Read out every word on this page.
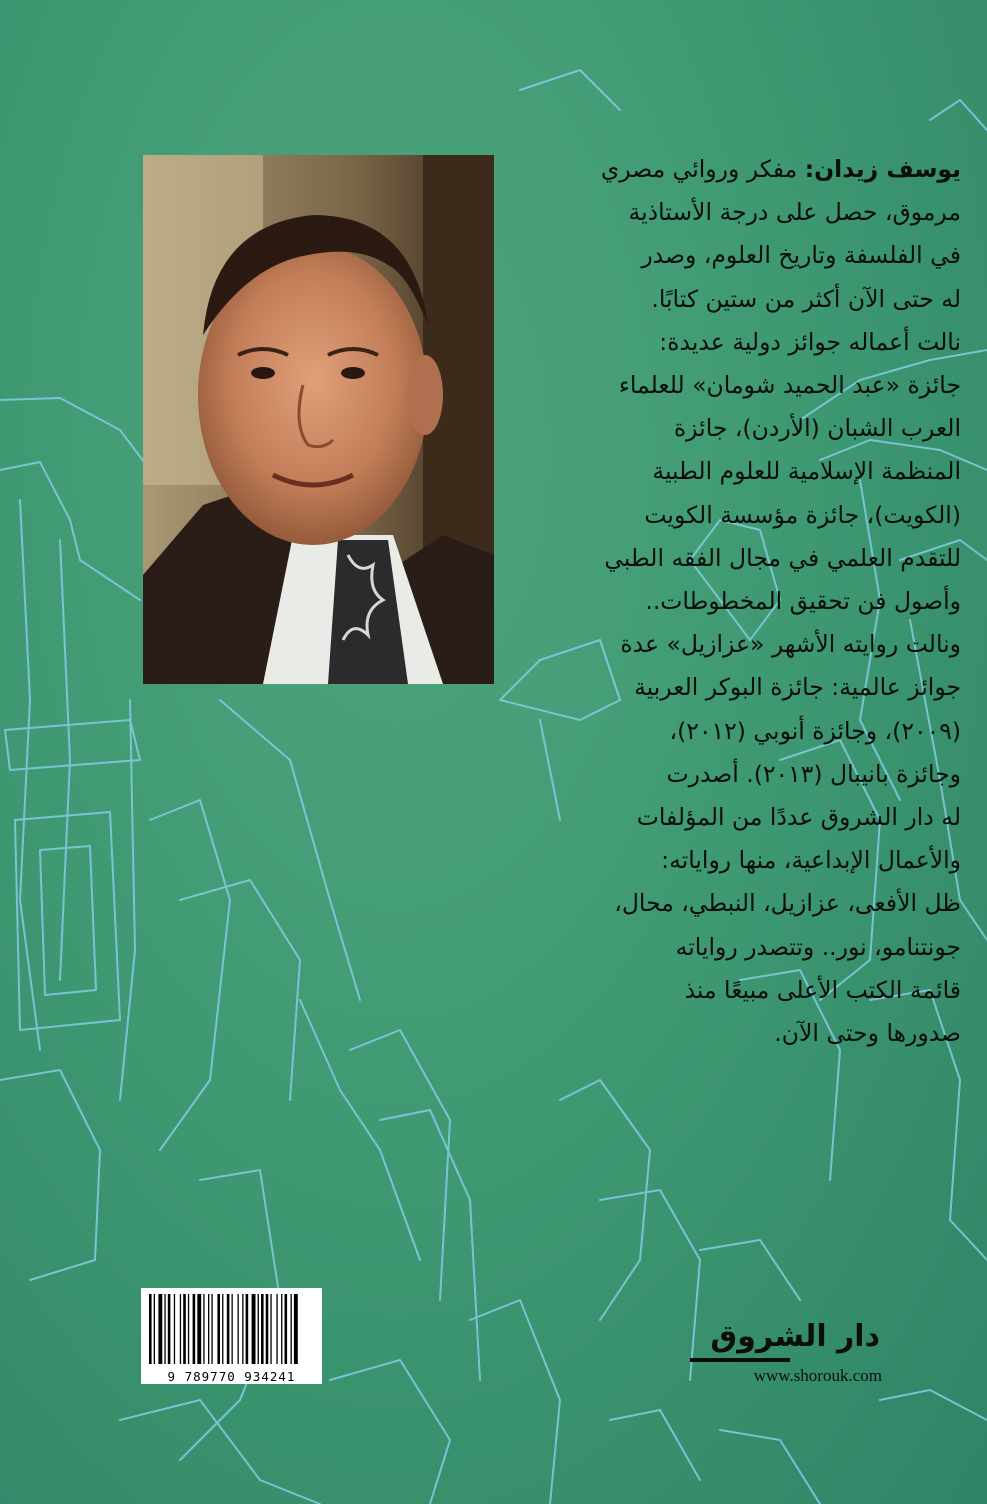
يوسف زيدان: مفكر وروائي مصري
مرموق، حصل على درجة الأستاذية
في الفلسفة وتاريخ العلوم، وصدر
له حتى الآن أكثر من ستين كتابًا.
نالت أعماله جوائز دولية عديدة:
جائزة «عبد الحميد شومان» للعلماء
العرب الشبان (الأردن)، جائزة
المنظمة الإسلامية للعلوم الطبية
(الكويت)، جائزة مؤسسة الكويت
للتقدم العلمي في مجال الفقه الطبي
وأصول فن تحقيق المخطوطات..
ونالت روايته الأشهر «عزازيل» عدة
جوائز عالمية: جائزة البوكر العربية
(٢٠٠٩)، وجائزة أنوبي (٢٠١٢)،
وجائزة بانيبال (٢٠١٣). أصدرت
له دار الشروق عددًا من المؤلفات
والأعمال الإبداعية، منها رواياته:
ظل الأفعى، عزازيل، النبطي، محال،
جونتنامو، نور.. وتتصدر رواياته
قائمة الكتب الأعلى مبيعًا منذ
صدورها وحتى الآن.
9 789770 934241
دار الشروق
www.shorouk.com
